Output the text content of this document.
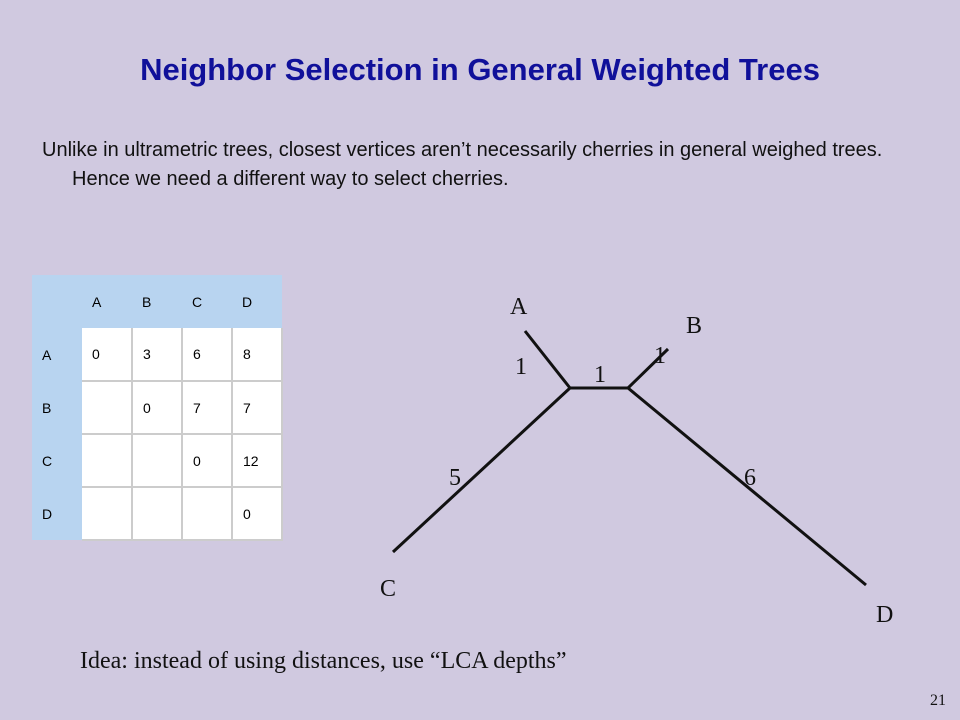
Neighbor Selection in General Weighted Trees
Unlike in ultrametric trees, closest vertices aren’t necessarily cherries in general weighed trees. Hence we need a different way to select cherries.
	A	B	C	D
A	0	3	6	8
B		0	7	7
C			0	12
D				0
A
B
C
D
1	1
1
5	6
Idea: instead of using distances, use “LCA depths”
21
